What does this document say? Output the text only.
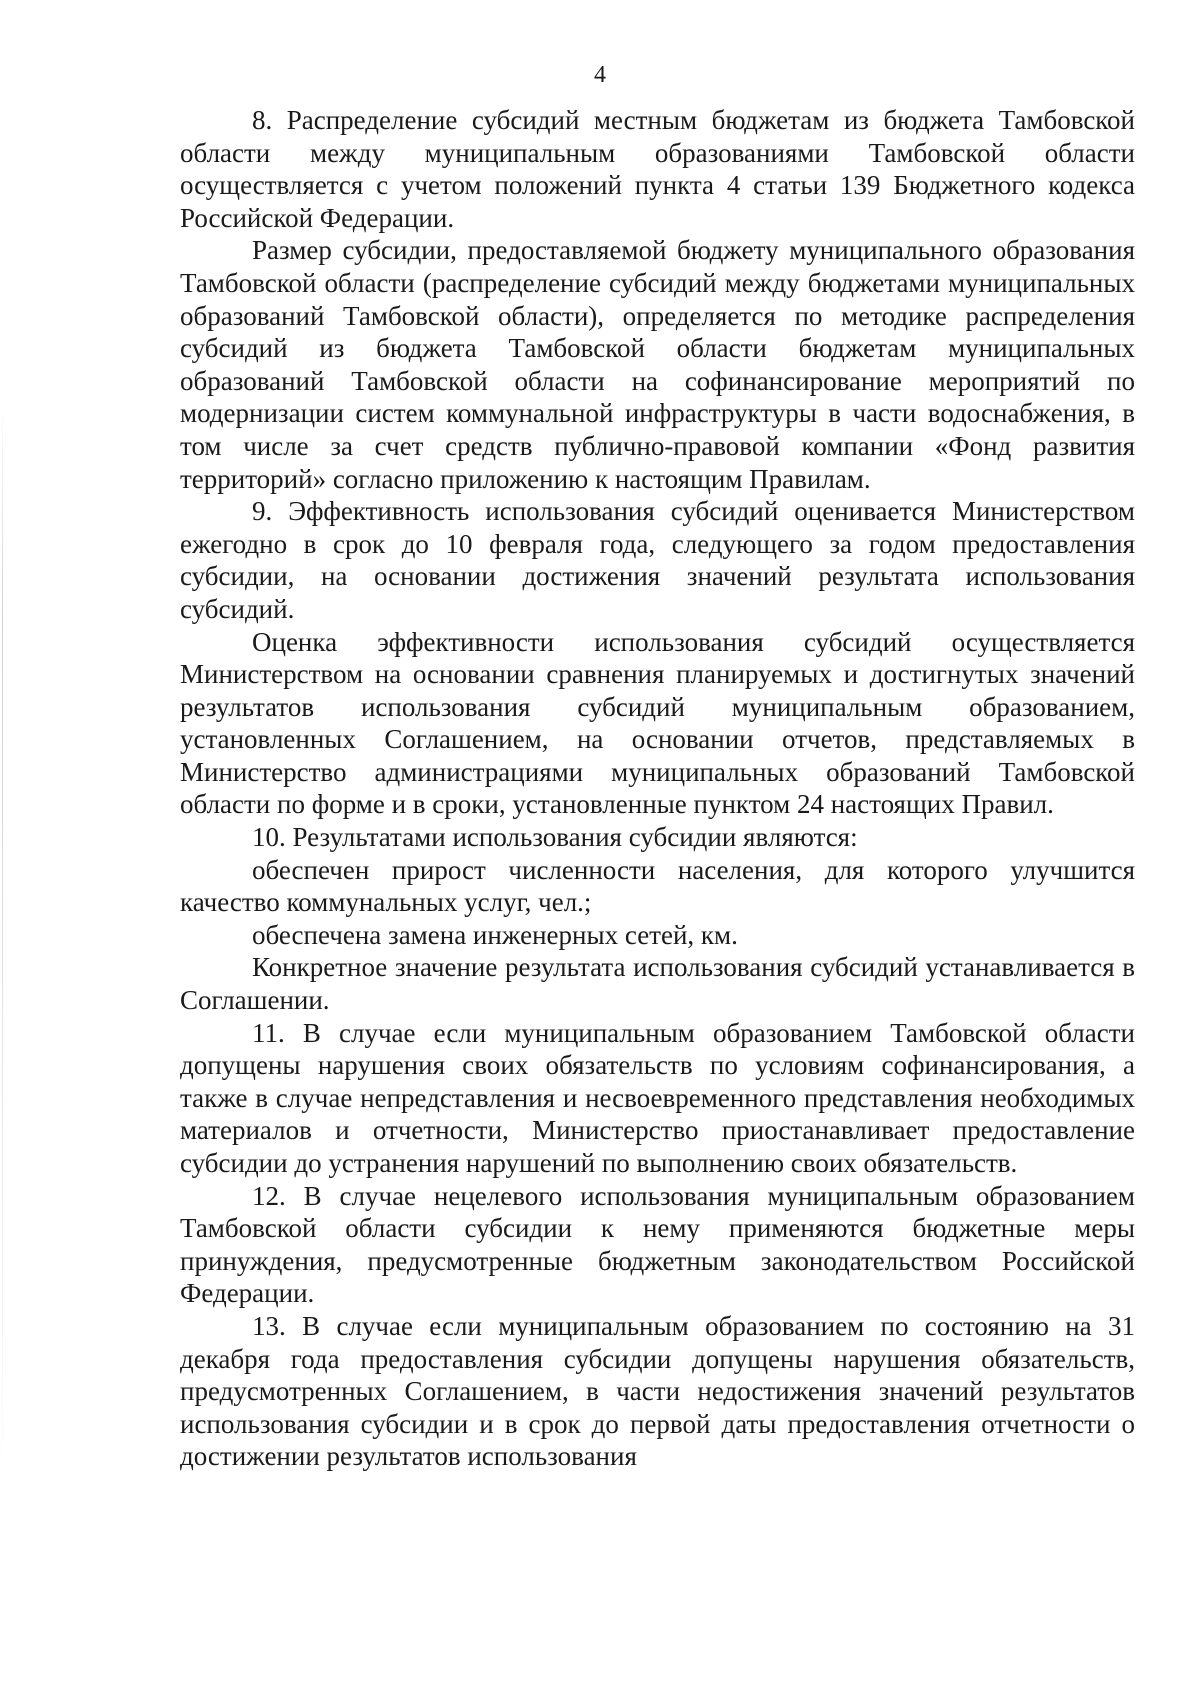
4

8. Распределение субсидий местным бюджетам из бюджета Тамбовской области между муниципальным образованиями Тамбовской области осуществляется с учетом положений пункта 4 статьи 139 Бюджетного кодекса Российской Федерации.

Размер субсидии, предоставляемой бюджету муниципального образования Тамбовской области (распределение субсидий между бюджетами муниципальных образований Тамбовской области), определяется по методике распределения субсидий из бюджета Тамбовской области бюджетам муниципальных образований Тамбовской области на софинансирование мероприятий по модернизации систем коммунальной инфраструктуры в части водоснабжения, в том числе за счет средств публично-правовой компании «Фонд развития территорий» согласно приложению к настоящим Правилам.

9. Эффективность использования субсидий оценивается Министерством ежегодно в срок до 10 февраля года, следующего за годом предоставления субсидии, на основании достижения значений результата использования субсидий.

Оценка эффективности использования субсидий осуществляется Министерством на основании сравнения планируемых и достигнутых значений результатов использования субсидий муниципальным образованием, установленных Соглашением, на основании отчетов, представляемых в Министерство администрациями муниципальных образований Тамбовской области по форме и в сроки, установленные пунктом 24 настоящих Правил.

10. Результатами использования субсидии являются:

обеспечен прирост численности населения, для которого улучшится качество коммунальных услуг, чел.;

обеспечена замена инженерных сетей, км.

Конкретное значение результата использования субсидий устанавливается в Соглашении.

11. В случае если муниципальным образованием Тамбовской области допущены нарушения своих обязательств по условиям софинансирования, а также в случае непредставления и несвоевременного представления необходимых материалов и отчетности, Министерство приостанавливает предоставление субсидии до устранения нарушений по выполнению своих обязательств.

12. В случае нецелевого использования муниципальным образованием Тамбовской области субсидии к нему применяются бюджетные меры принуждения, предусмотренные бюджетным законодательством Российской Федерации.

13. В случае если муниципальным образованием по состоянию на 31 декабря года предоставления субсидии допущены нарушения обязательств, предусмотренных Соглашением, в части недостижения значений результатов использования субсидии и в срок до первой даты предоставления отчетности о достижении результатов использования
